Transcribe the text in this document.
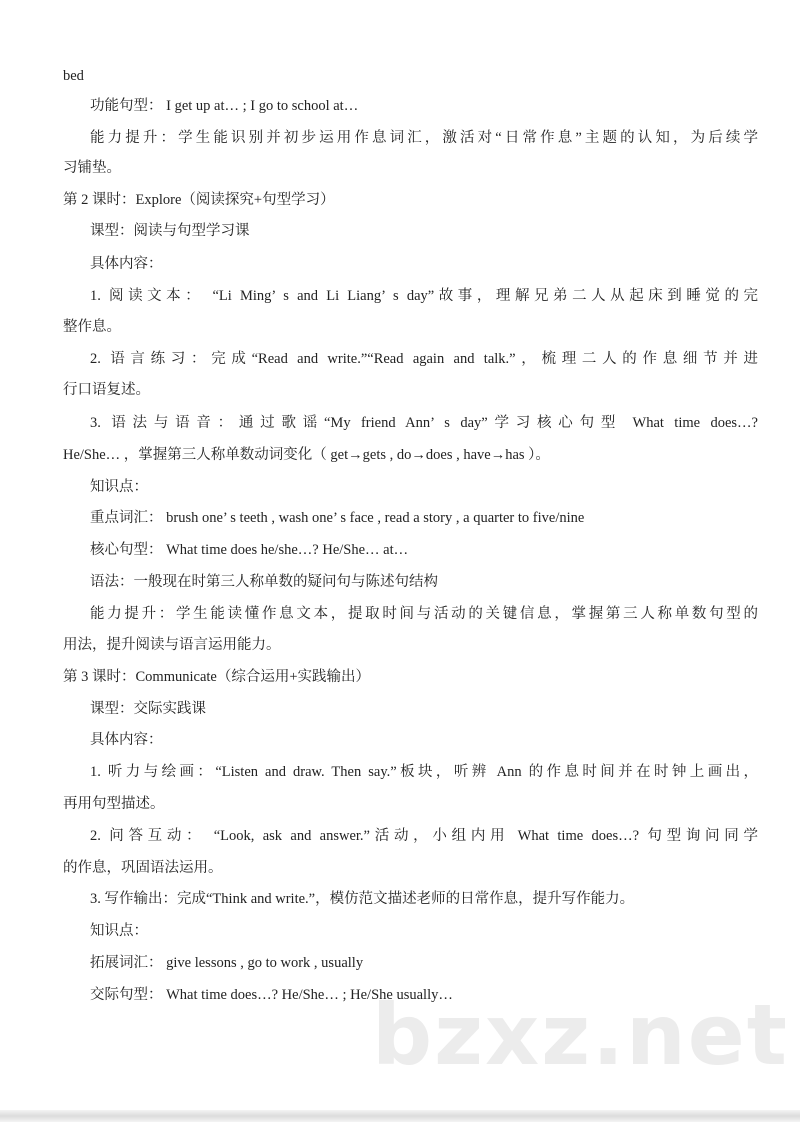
bed
功能句型： I get up at… ; I go to school at…
能力提升：学生能识别并初步运用作息词汇，激活对“日常作息”主题的认知，为后续学
习铺垫。
第 2 课时：Explore（阅读探究+句型学习）
课型：阅读与句型学习课
具体内容：
1. 阅读文本： “Li Ming’ s and Li Liang’ s day”故事，理解兄弟二人从起床到睡觉的完
整作息。
2. 语言练习：完成“Read and write.”“Read again and talk.”，梳理二人的作息细节并进
行口语复述。
3. 语法与语音：通过歌谣“My friend Ann’ s day”学习核心句型 What time does…?
He/She… ，掌握第三人称单数动词变化（ get→gets , do→does , have→has ）。
知识点：
重点词汇： brush one’ s teeth , wash one’ s face , read a story , a quarter to five/nine
核心句型： What time does he/she…? He/She… at…
语法：一般现在时第三人称单数的疑问句与陈述句结构
能力提升：学生能读懂作息文本，提取时间与活动的关键信息，掌握第三人称单数句型的
用法，提升阅读与语言运用能力。
第 3 课时：Communicate（综合运用+实践输出）
课型：交际实践课
具体内容：
1. 听力与绘画：“Listen and draw. Then say.”板块，听辨 Ann 的作息时间并在时钟上画出，
再用句型描述。
2. 问答互动： “Look, ask and answer.”活动，小组内用 What time does…? 句型询问同学
的作息，巩固语法运用。
3. 写作输出：完成“Think and write.”，模仿范文描述老师的日常作息，提升写作能力。
知识点：
拓展词汇： give lessons , go to work , usually
交际句型： What time does…? He/She… ; He/She usually…
bzxz.net
